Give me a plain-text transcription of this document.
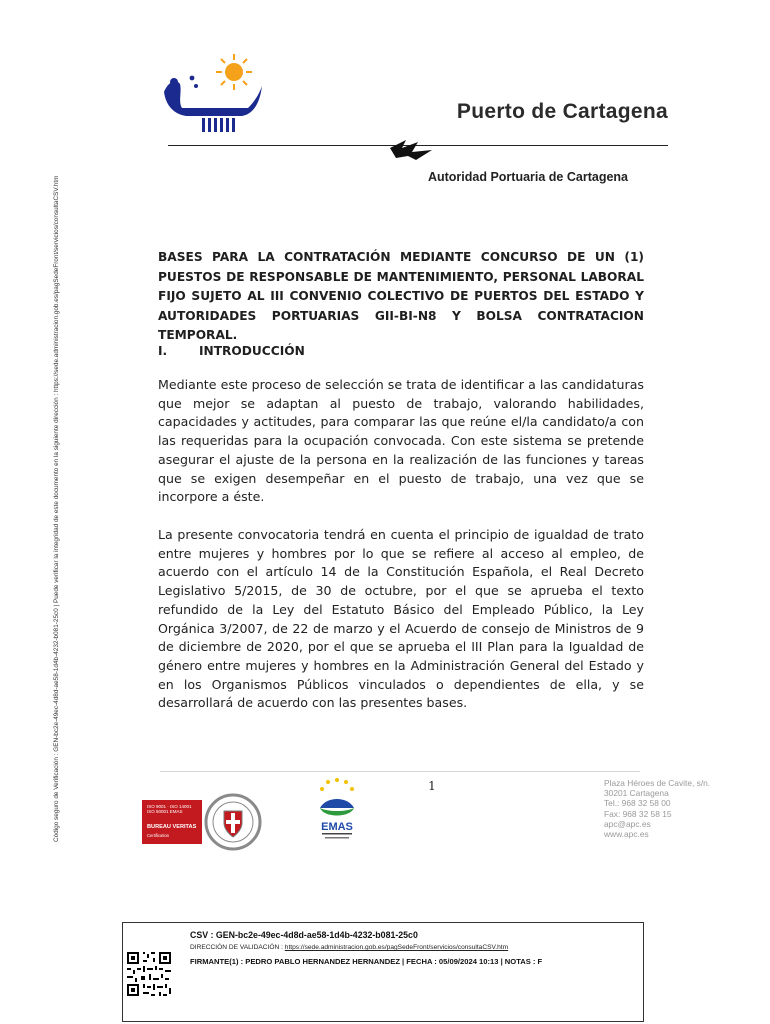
Código seguro de Verificación : GEN-bc2e-49ec-4d8d-ae58-1d4b-4232-b081-25c0 | Puede verificar la integridad de este documento en la siguiente dirección : https://sede.administracion.gob.es/pagSedeFront/servicios/consultaCSV.htm
Puerto de Cartagena
Autoridad Portuaria de Cartagena
BASES PARA LA CONTRATACIÓN MEDIANTE CONCURSO DE UN (1) PUESTOS DE RESPONSABLE DE MANTENIMIENTO, PERSONAL LABORAL FIJO SUJETO AL III CONVENIO COLECTIVO DE PUERTOS DEL ESTADO Y AUTORIDADES PORTUARIAS GII-BI-N8 Y BOLSA CONTRATACION TEMPORAL.
I.	INTRODUCCIÓN
Mediante este proceso de selección se trata de identificar a las candidaturas que mejor se adaptan al puesto de trabajo, valorando habilidades, capacidades y actitudes, para comparar las que reúne el/la candidato/a con las requeridas para la ocupación convocada. Con este sistema se pretende asegurar el ajuste de la persona en la realización de las funciones y tareas que se exigen desempeñar en el puesto de trabajo, una vez que se incorpore a éste.
La presente convocatoria tendrá en cuenta el principio de igualdad de trato entre mujeres y hombres por lo que se refiere al acceso al empleo, de acuerdo con el artículo 14 de la Constitución Española, el Real Decreto Legislativo 5/2015, de 30 de octubre, por el que se aprueba el texto refundido de la Ley del Estatuto Básico del Empleado Público, la Ley Orgánica 3/2007, de 22 de marzo y el Acuerdo de consejo de Ministros de 9 de diciembre de 2020, por el que se aprueba el III Plan para la Igualdad de género entre mujeres y hombres en la Administración General del Estado y en los Organismos Públicos vinculados o dependientes de ella, y se desarrollará de acuerdo con las presentes bases.
1	Plaza Héroes de Cavite, s/n.
30201 Cartagena
Tel.: 968 32 58 00
Fax: 968 32 58 15
apc@apc.es
www.apc.es
ISO 9001 · ISO 14001
ISO 50001 EMAS
BUREAU VERITAS
Certification
EMAS
CSV : GEN-bc2e-49ec-4d8d-ae58-1d4b-4232-b081-25c0
DIRECCIÓN DE VALIDACIÓN : https://sede.administracion.gob.es/pagSedeFront/servicios/consultaCSV.htm
FIRMANTE(1) : PEDRO PABLO HERNANDEZ HERNANDEZ | FECHA : 05/09/2024 10:13 | NOTAS : F
